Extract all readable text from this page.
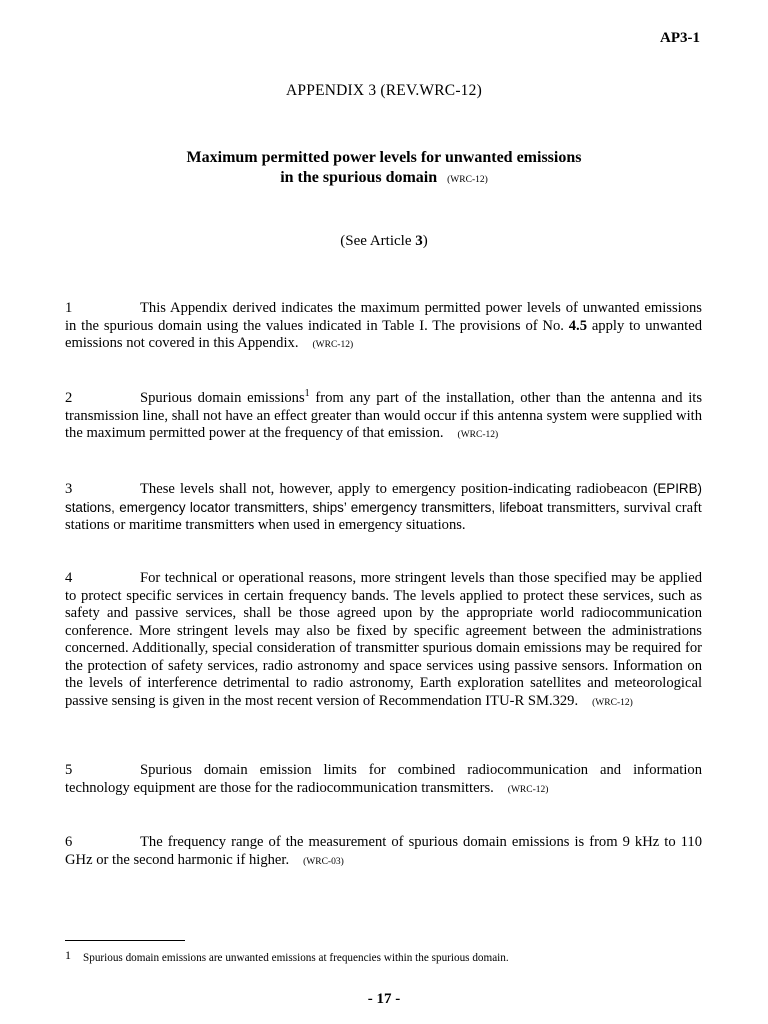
AP3-1
APPENDIX 3 (REV.WRC-12)
Maximum permitted power levels for unwanted emissions
in the spurious domain (WRC-12)
(See Article 3)
1	This Appendix derived indicates the maximum permitted power levels of unwanted emissions in the spurious domain using the values indicated in Table I. The provisions of No. 4.5 apply to unwanted emissions not covered in this Appendix. (WRC-12)
2	Spurious domain emissions$^1$ from any part of the installation, other than the antenna and its transmission line, shall not have an effect greater than would occur if this antenna system were supplied with the maximum permitted power at the frequency of that emission. (WRC-12)
3	These levels shall not, however, apply to emergency position-indicating radiobeacon (EPIRB) stations, emergency locator transmitters, ships’ emergency transmitters, lifeboat transmitters, survival craft stations or maritime transmitters when used in emergency situations.
4	For technical or operational reasons, more stringent levels than those specified may be applied to protect specific services in certain frequency bands. The levels applied to protect these services, such as safety and passive services, shall be those agreed upon by the appropriate world radiocommunication conference. More stringent levels may also be fixed by specific agreement between the administrations concerned. Additionally, special consideration of transmitter spurious domain emissions may be required for the protection of safety services, radio astronomy and space services using passive sensors. Information on the levels of interference detrimental to radio astronomy, Earth exploration satellites and meteorological passive sensing is given in the most recent version of Recommendation ITU-R SM.329. (WRC-12)
5	Spurious domain emission limits for combined radiocommunication and information technology equipment are those for the radiocommunication transmitters. (WRC-12)
6	The frequency range of the measurement of spurious domain emissions is from 9 kHz to 110 GHz or the second harmonic if higher. (WRC-03)
1 Spurious domain emissions are unwanted emissions at frequencies within the spurious domain.
- 17 -
